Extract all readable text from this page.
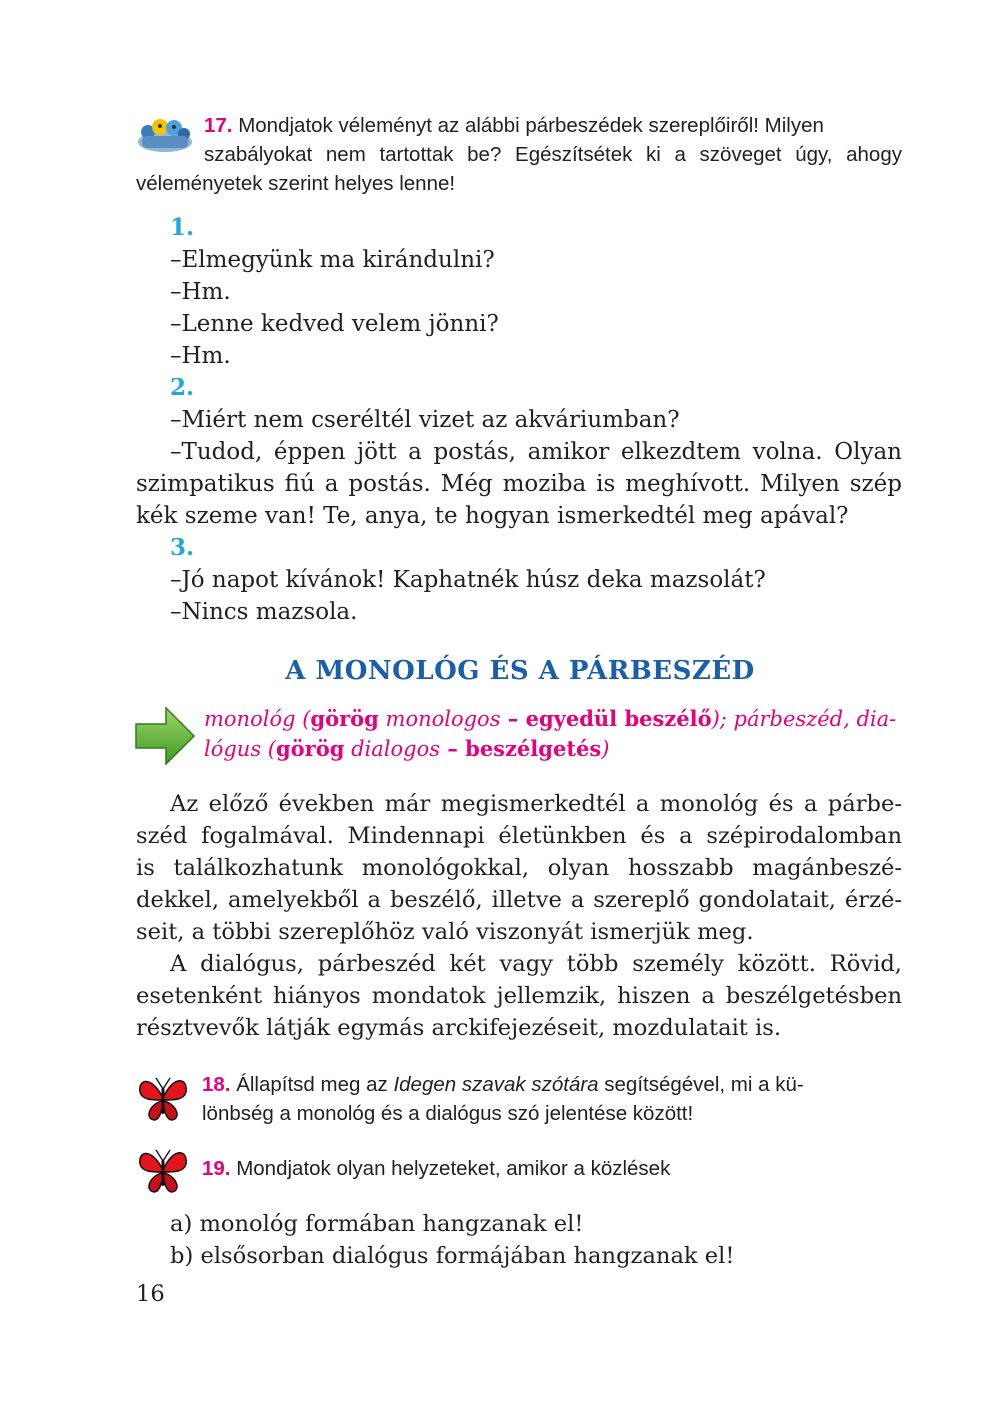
17. Mondjatok véleményt az alábbi párbeszédek szereplőiről! Milyen
szabályokat nem tartottak be? Egészítsétek ki a szöveget úgy, ahogy
véleményetek szerint helyes lenne!
1.
–Elmegyünk ma kirándulni?
–Hm.
–Lenne kedved velem jönni?
–Hm.
2.
–Miért nem cseréltél vizet az akváriumban?
–Tudod, éppen jött a postás, amikor elkezdtem volna. Olyan
szimpatikus fiú a postás. Még moziba is meghívott. Milyen szép
kék szeme van! Te, anya, te hogyan ismerkedtél meg apával?
3.
–Jó napot kívánok! Kaphatnék húsz deka mazsolát?
–Nincs mazsola.
A MONOLÓG ÉS A PÁRBESZÉD
monológ (görög monologos – egyedül beszélő); párbeszéd, dia-
lógus (görög dialogos – beszélgetés)
Az előző években már megismerkedtél a monológ és a párbe-
széd fogalmával. Mindennapi életünkben és a szépirodalomban
is találkozhatunk monológokkal, olyan hosszabb magánbeszé-
dekkel, amelyekből a beszélő, illetve a szereplő gondolatait, érzé-
seit, a többi szereplőhöz való viszonyát ismerjük meg.
A dialógus, párbeszéd két vagy több személy között. Rövid,
esetenként hiányos mondatok jellemzik, hiszen a beszélgetésben
résztvevők látják egymás arckifejezéseit, mozdulatait is.
18. Állapítsd meg az Idegen szavak szótára segítségével, mi a kü-
lönbség a monológ és a dialógus szó jelentése között!
19. Mondjatok olyan helyzeteket, amikor a közlések
a) monológ formában hangzanak el!
b) elsősorban dialógus formájában hangzanak el!
16
